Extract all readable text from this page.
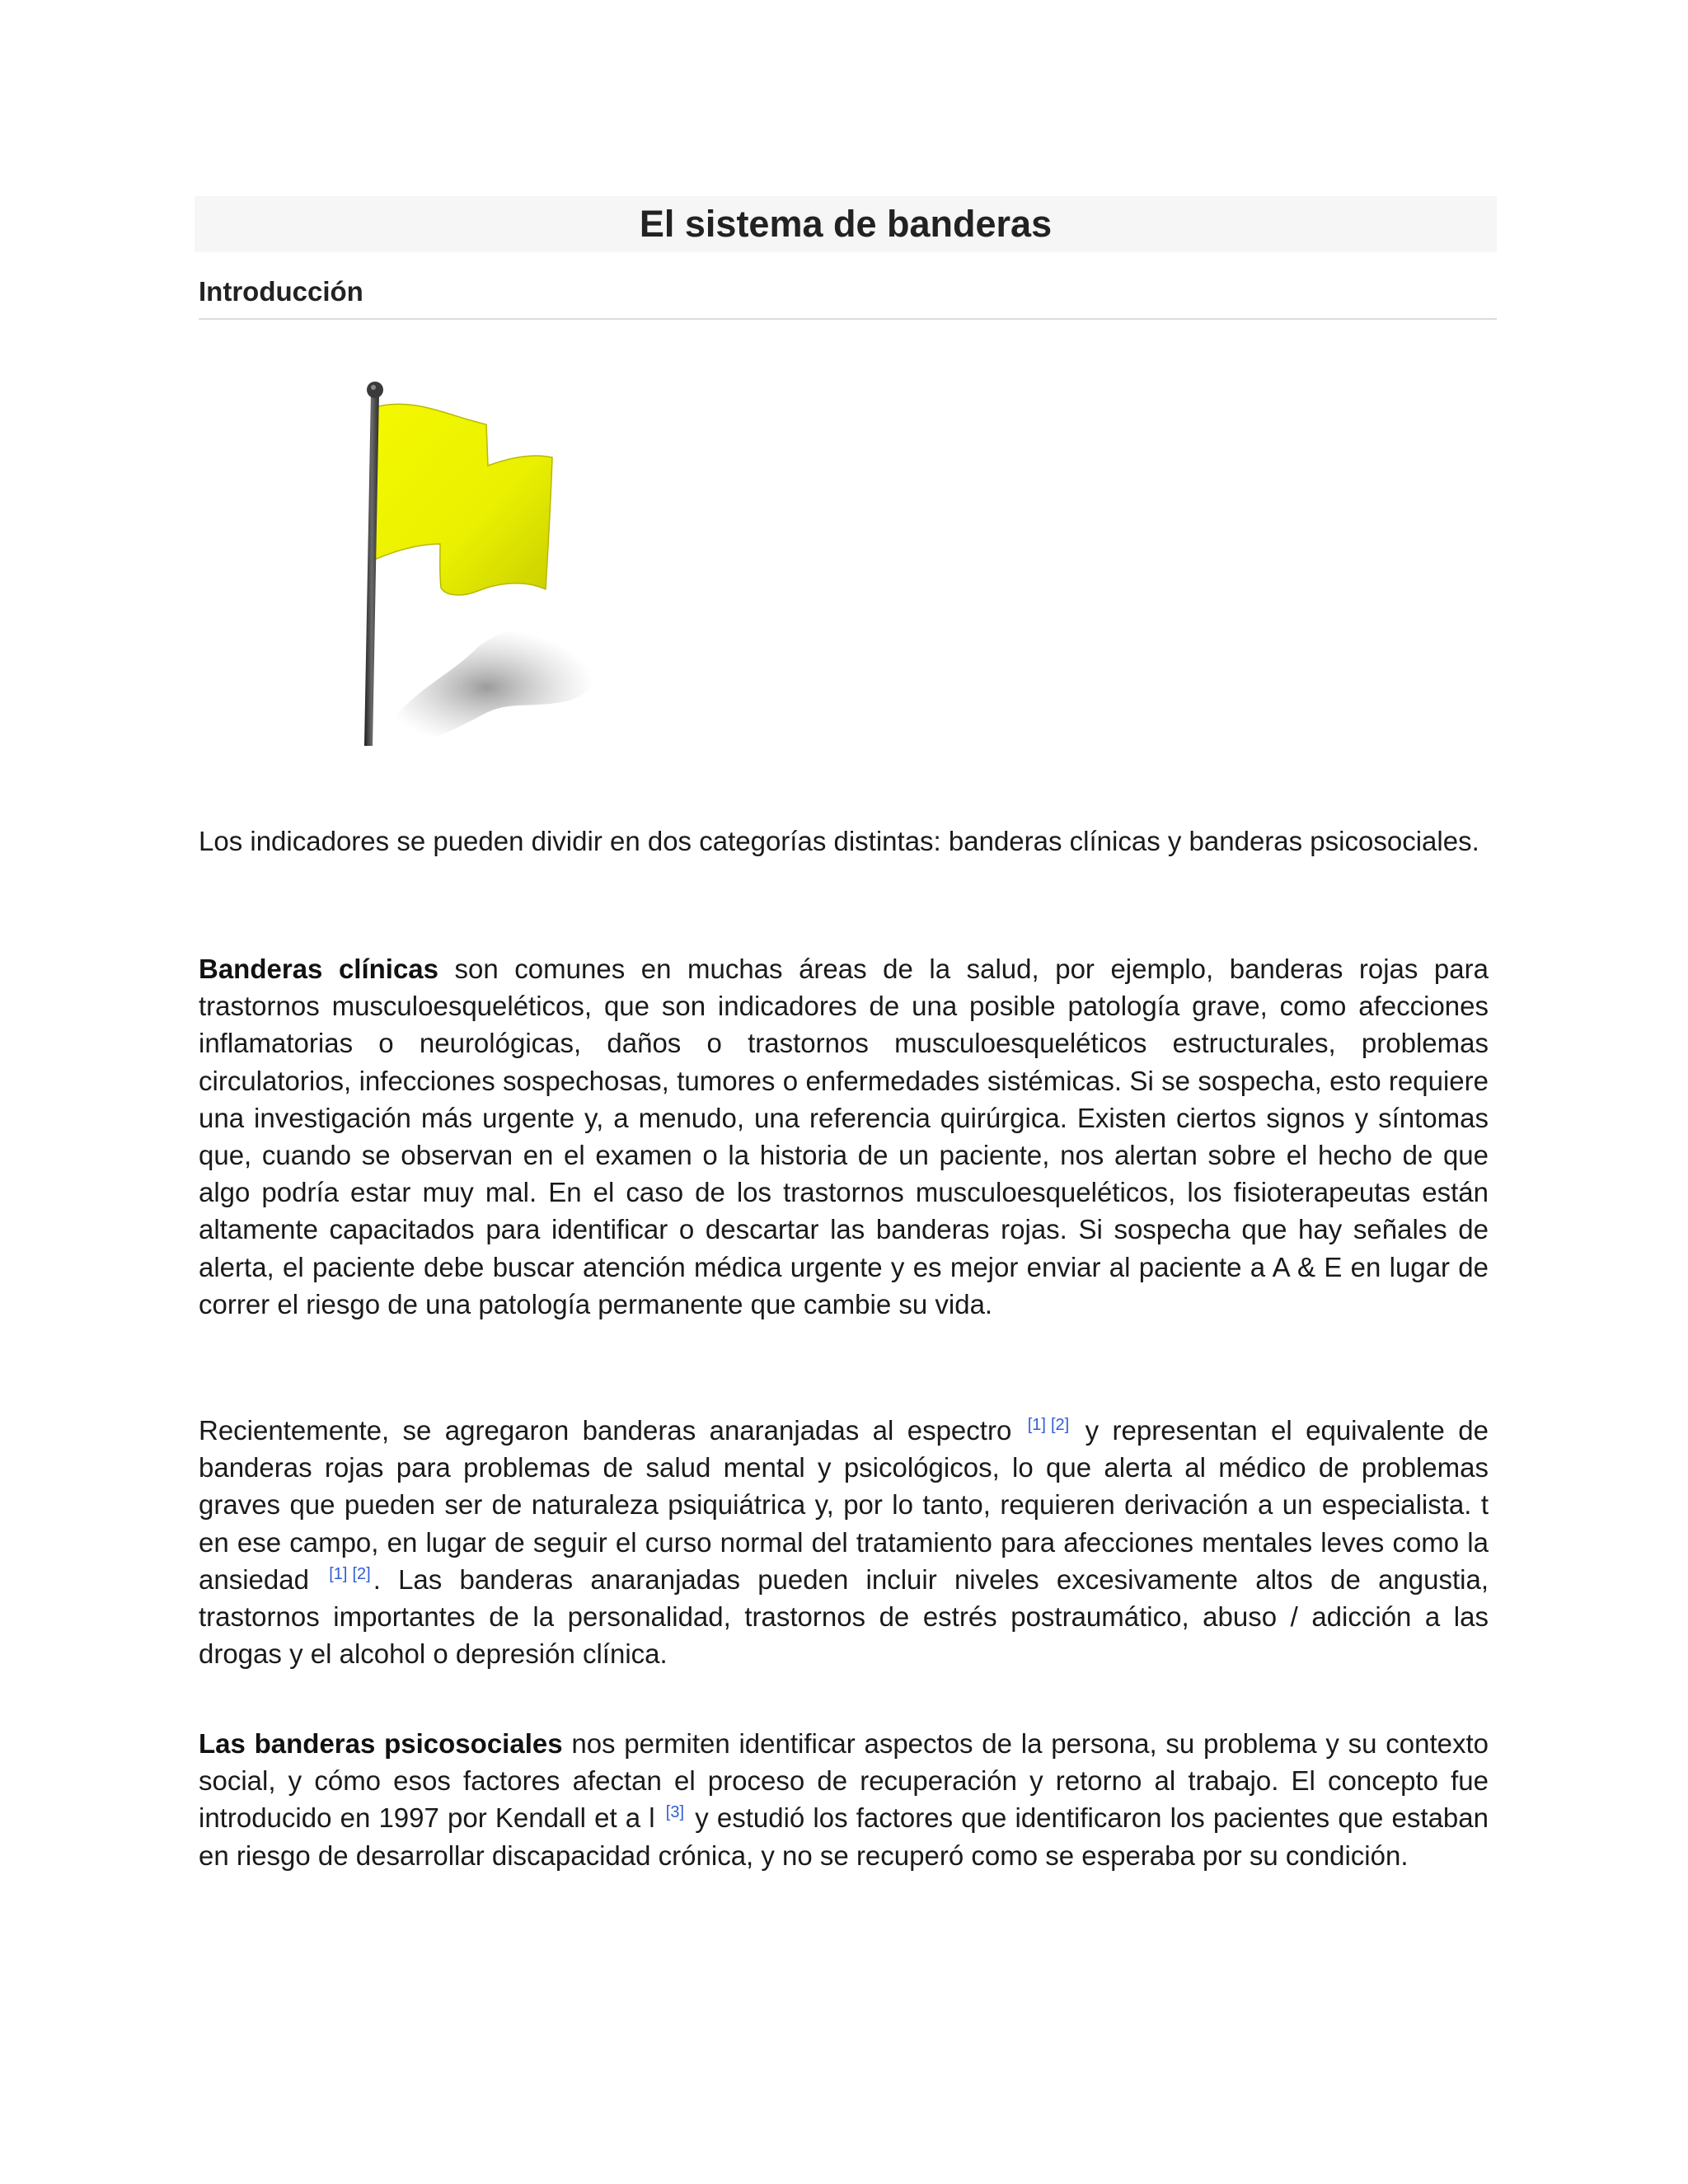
El sistema de banderas
Introducción

Los indicadores se pueden dividir en dos categorías distintas: banderas clínicas y banderas psicosociales.

Banderas clínicas son comunes en muchas áreas de la salud, por ejemplo, banderas rojas para trastornos musculoesqueléticos, que son indicadores de una posible patología grave, como afecciones inflamatorias o neurológicas, daños o trastornos musculoesqueléticos estructurales, problemas circulatorios, infecciones sospechosas, tumores o enfermedades sistémicas. Si se sospecha, esto requiere una investigación más urgente y, a menudo, una referencia quirúrgica. Existen ciertos signos y síntomas que, cuando se observan en el examen o la historia de un paciente, nos alertan sobre el hecho de que algo podría estar muy mal. En el caso de los trastornos musculoesqueléticos, los fisioterapeutas están altamente capacitados para identificar o descartar las banderas rojas. Si sospecha que hay señales de alerta, el paciente debe buscar atención médica urgente y es mejor enviar al paciente a A & E en lugar de correr el riesgo de una patología permanente que cambie su vida.

Recientemente, se agregaron banderas anaranjadas al espectro [1] [2] y representan el equivalente de banderas rojas para problemas de salud mental y psicológicos, lo que alerta al médico de problemas graves que pueden ser de naturaleza psiquiátrica y, por lo tanto, requieren derivación a un especialista. t en ese campo, en lugar de seguir el curso normal del tratamiento para afecciones mentales leves como la ansiedad [1] [2]. Las banderas anaranjadas pueden incluir niveles excesivamente altos de angustia, trastornos importantes de la personalidad, trastornos de estrés postraumático, abuso / adicción a las drogas y el alcohol o depresión clínica.

Las banderas psicosociales nos permiten identificar aspectos de la persona, su problema y su contexto social, y cómo esos factores afectan el proceso de recuperación y retorno al trabajo. El concepto fue introducido en 1997 por Kendall et a l [3] y estudió los factores que identificaron los pacientes que estaban en riesgo de desarrollar discapacidad crónica, y no se recuperó como se esperaba por su condición.
